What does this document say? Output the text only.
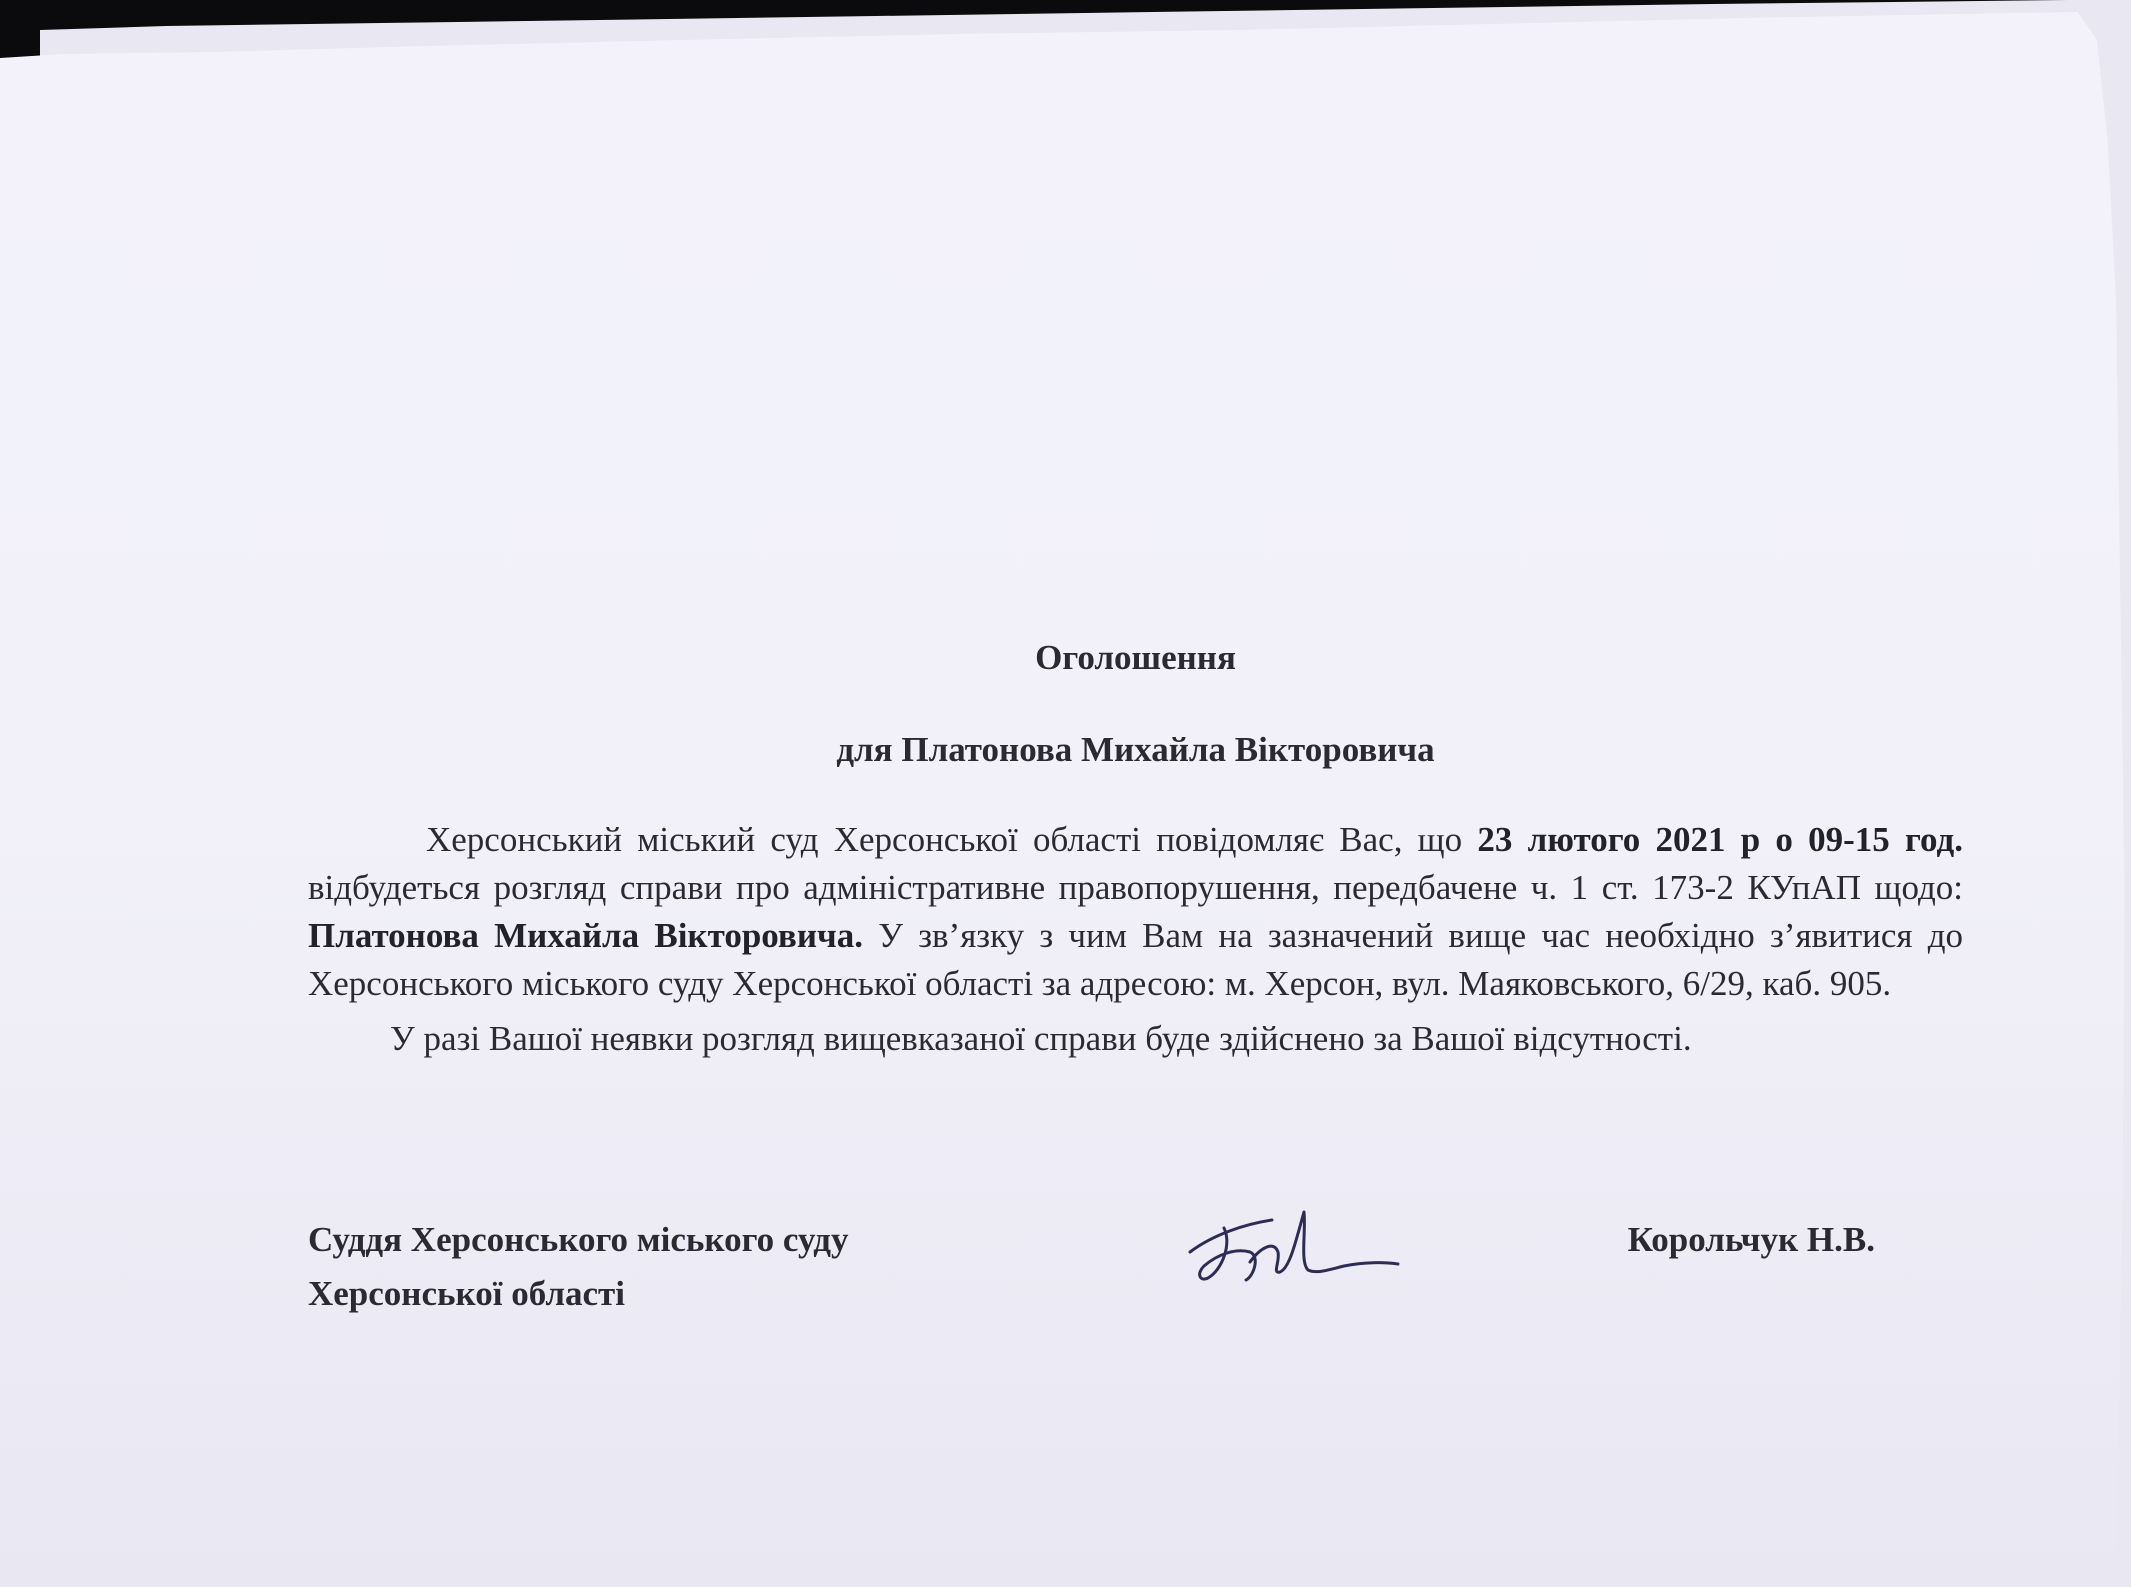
Оголошення
для Платонова Михайла Вікторовича

Херсонський міський суд Херсонської області повідомляє Вас, що 23 лютого 2021 р о 09-15 год. відбудеться розгляд справи про адміністративне правопорушення, передбачене ч. 1 ст. 173-2 КУпАП щодо: Платонова Михайла Вікторовича. У зв’язку з чим Вам на зазначений вище час необхідно з’явитися до Херсонського міського суду Херсонської області за адресою: м. Херсон, вул. Маяковського, 6/29, каб. 905.

У разі Вашої неявки розгляд вищевказаної справи буде здійснено за Вашої відсутності.

Суддя Херсонського міського суду
Херсонської області
Корольчук Н.В.
